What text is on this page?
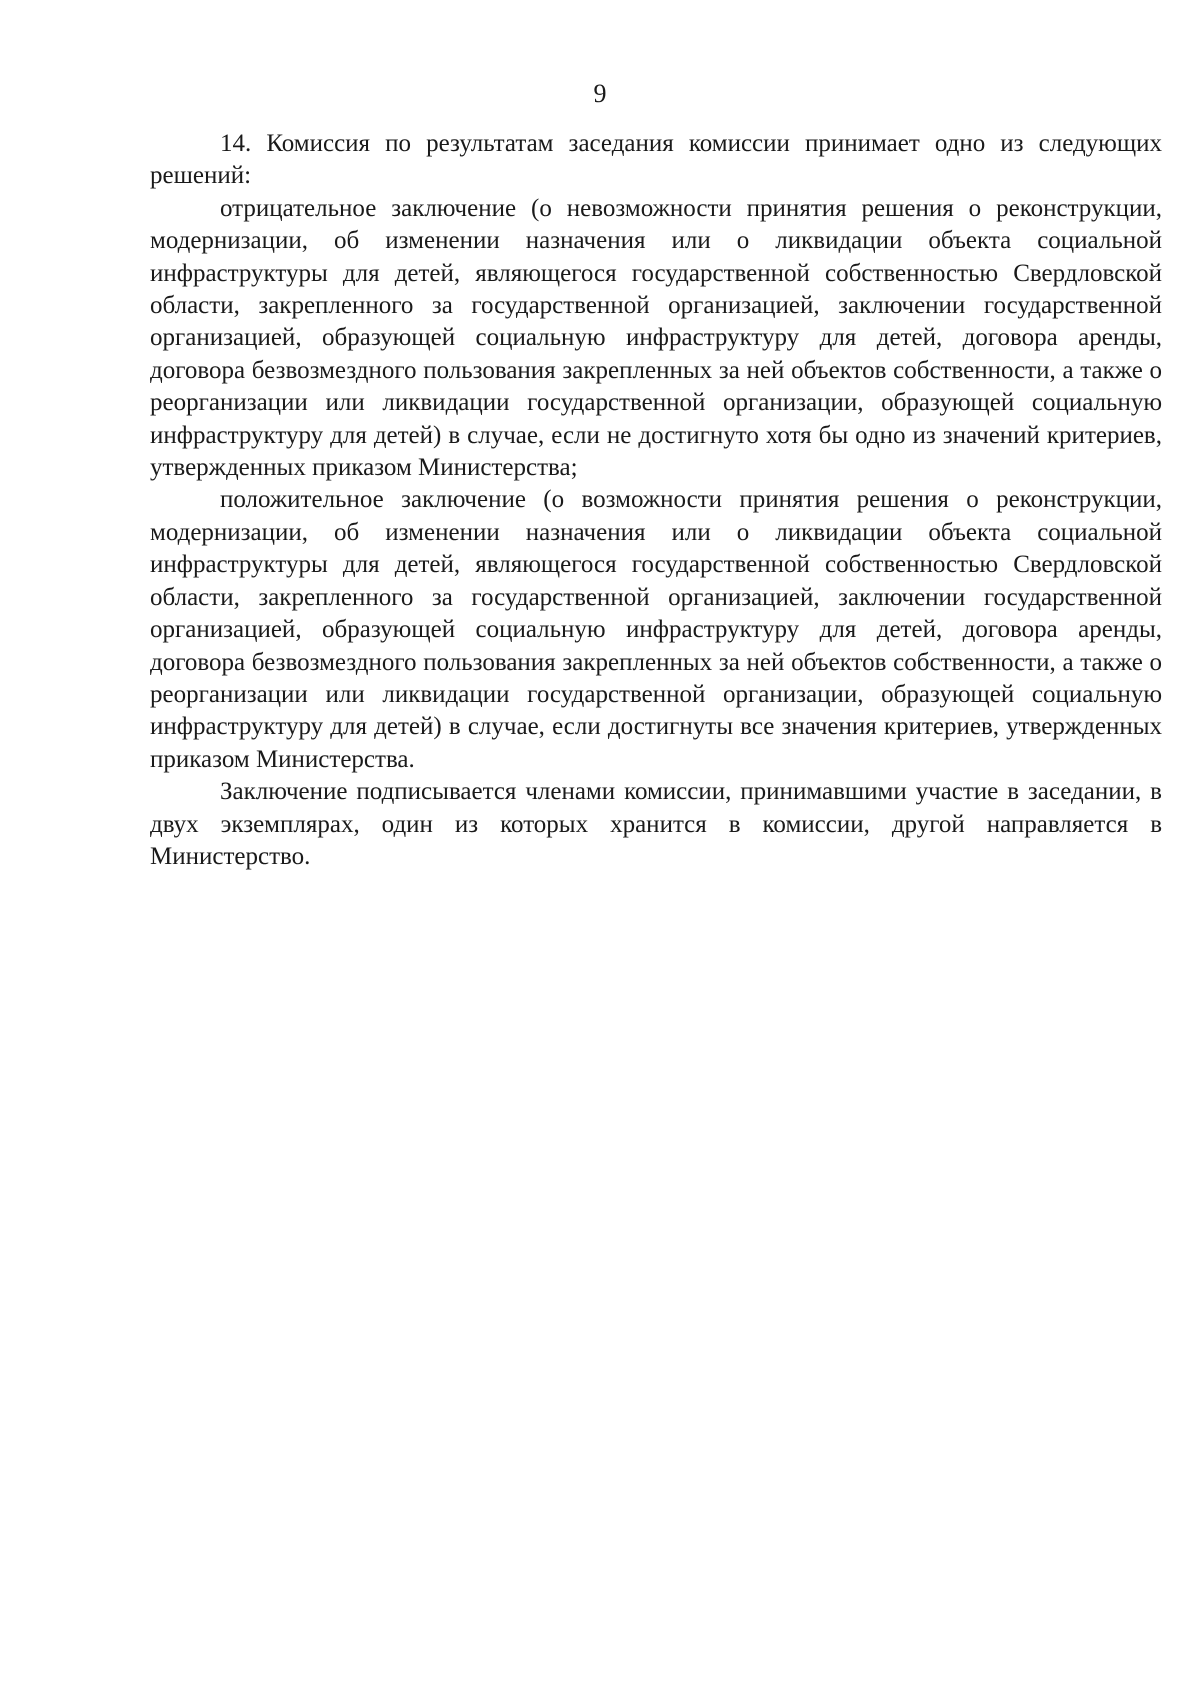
9

14. Комиссия по результатам заседания комиссии принимает одно из следующих решений:

отрицательное заключение (о невозможности принятия решения о реконструкции, модернизации, об изменении назначения или о ликвидации объекта социальной инфраструктуры для детей, являющегося государственной собственностью Свердловской области, закрепленного за государственной организацией, заключении государственной организацией, образующей социальную инфраструктуру для детей, договора аренды, договора безвозмездного пользования закрепленных за ней объектов собственности, а также о реорганизации или ликвидации государственной организации, образующей социальную инфраструктуру для детей) в случае, если не достигнуто хотя бы одно из значений критериев, утвержденных приказом Министерства;

положительное заключение (о возможности принятия решения о реконструкции, модернизации, об изменении назначения или о ликвидации объекта социальной инфраструктуры для детей, являющегося государственной собственностью Свердловской области, закрепленного за государственной организацией, заключении государственной организацией, образующей социальную инфраструктуру для детей, договора аренды, договора безвозмездного пользования закрепленных за ней объектов собственности, а также о реорганизации или ликвидации государственной организации, образующей социальную инфраструктуру для детей) в случае, если достигнуты все значения критериев, утвержденных приказом Министерства.

Заключение подписывается членами комиссии, принимавшими участие в заседании, в двух экземплярах, один из которых хранится в комиссии, другой направляется в Министерство.
